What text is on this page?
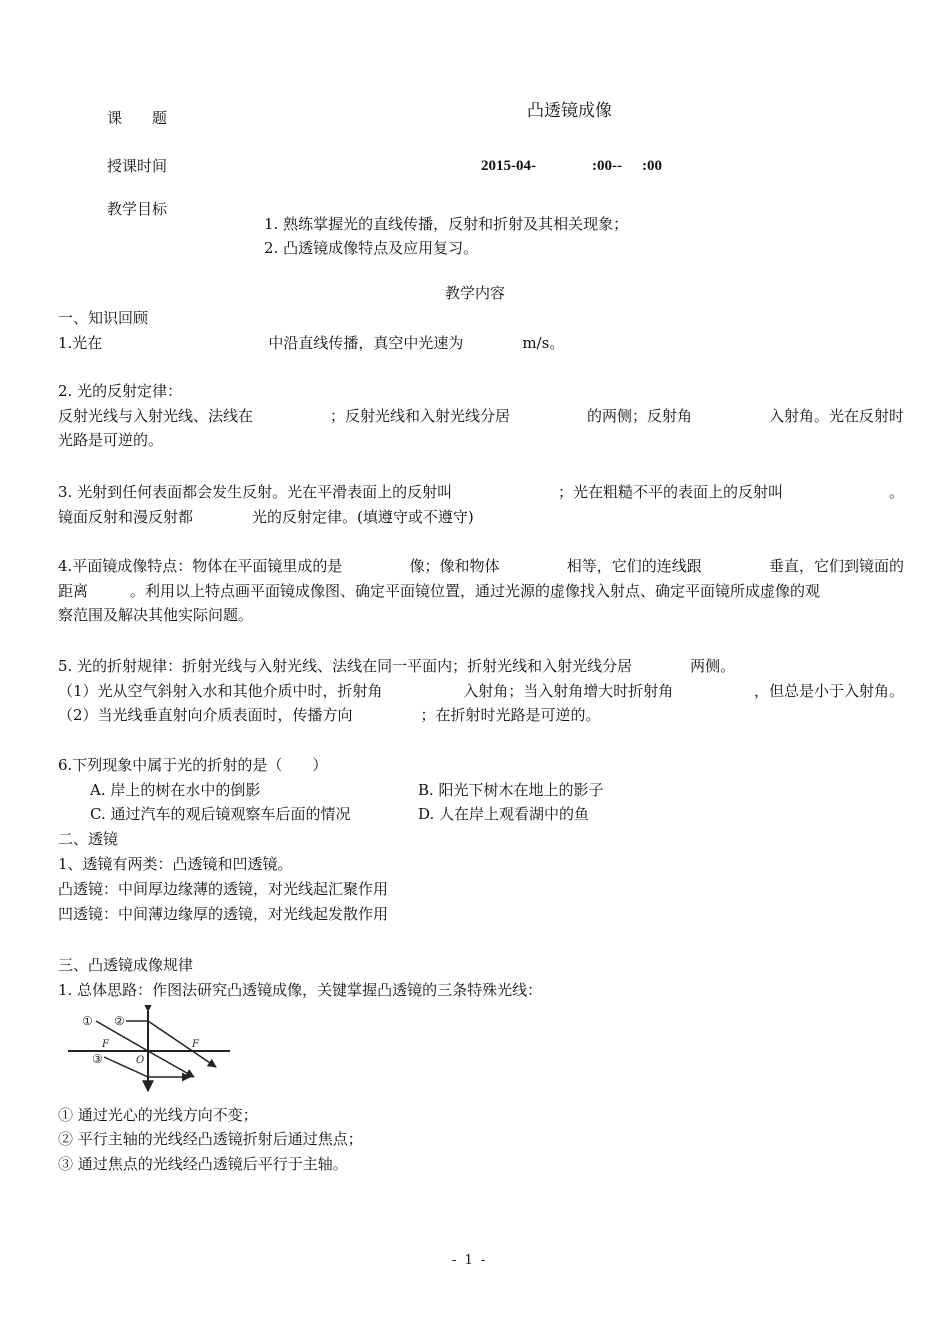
课　　题	凸透镜成像
授课时间	2015-04-	:00-- :00
教学目标
1. 熟练掌握光的直线传播，反射和折射及其相关现象；
2. 凸透镜成像特点及应用复习。
教学内容
一、知识回顾
1.光在	中沿直线传播，真空中光速为	m/s。
2. 光的反射定律：
反射光线与入射光线、法线在	；反射光线和入射光线分居	的两侧；反射角	入射角。光在反射时
光路是可逆的。
3. 光射到任何表面都会发生反射。光在平滑表面上的反射叫	；光在粗糙不平的表面上的反射叫	。
镜面反射和漫反射都	光的反射定律。(填遵守或不遵守)
4.平面镜成像特点：物体在平面镜里成的是	像；像和物体	相等，它们的连线跟	垂直，它们到镜面的
距离	。利用以上特点画平面镜成像图、确定平面镜位置，通过光源的虚像找入射点、确定平面镜所成虚像的观
察范围及解决其他实际问题。
5. 光的折射规律：折射光线与入射光线、法线在同一平面内；折射光线和入射光线分居	两侧。
（1）光从空气斜射入水和其他介质中时，折射角	入射角；当入射角增大时折射角	，但总是小于入射角。
（2）当光线垂直射向介质表面时，传播方向	；在折射时光路是可逆的。
6.下列现象中属于光的折射的是（　　）
A. 岸上的树在水中的倒影	B. 阳光下树木在地上的影子
C. 通过汽车的观后镜观察车后面的情况	D. 人在岸上观看湖中的鱼
二、透镜
1、透镜有两类：凸透镜和凹透镜。
凸透镜：中间厚边缘薄的透镜，对光线起汇聚作用
凹透镜：中间薄边缘厚的透镜，对光线起发散作用
三、凸透镜成像规律
1. 总体思路：作图法研究凸透镜成像，关键掌握凸透镜的三条特殊光线：
① ②
③
F	F
O
① 通过光心的光线方向不变；
② 平行主轴的光线经凸透镜折射后通过焦点；
③ 通过焦点的光线经凸透镜后平行于主轴。
- 1 -
